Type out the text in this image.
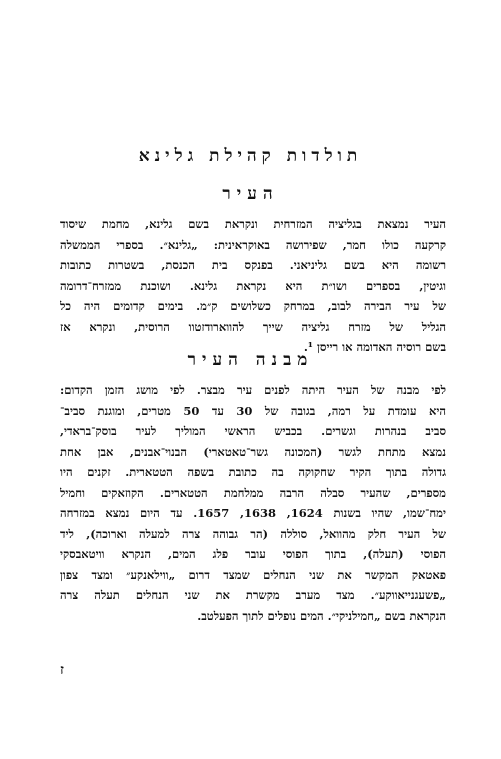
תולדות קהילת גלינא
העיר
העיר נמצאת בגליציה המזרחית ונקראת בשם גלינא, מחמת שיסוד
קרקעה כולו חמר, שפירושה באוקראינית: „גלינא״. בספרי הממשלה
רשומה היא בשם גליניאני. בפנקס בית הכנסת, בשטרות כתובות
וגיטין, בספרים ושו״ת היא נקראת גלינא. ושוכנת ממזרח־דרומה
של עיר הבירה לבוב, במרחק כשלושים ק״מ. בימים קדומים היה כל
הגליל של מזרח גליציה שייך להווארודזטוו הרוסית, ונקרא אז
בשם רוסיה האדומה או רייסן ¹.
מבנה העיר
לפי מבנה של העיר היתה לפנים עיר מבצר. לפי מושג הזמן הקדום:
היא עומדת על רמה, בגובה של 30 עד 50 מטרים, ומוגנת סביב־
סביב בנהרות וגשרים. בכביש הראשי המוליך לעיר בוסק־בראדי,
נמצא מתחת לגשר (המכונה גשר־טאטארי) הבנוי־אבנים, אבן אחת
גדולה בתוך הקיר שחקוקה בה כתובת בשפה הטטארית. זקנים היו
מספרים, שהעיר סבלה הרבה ממלחמת הטטארים. הקוזאקים וחמיל
ימח־שמו, שהיו בשנות 1624, 1638, 1657. עד היום נמצא במזרחה
של העיר חלק מהוואל, סוללה (הר גבוהה צרה למעלה וארוכה), ליד
הפוסי (תעלה), בתוך הפוסי עובר פלג המים, הנקרא וויטאבסקי
פאטאק המקשר את שני הנחלים שמצד דרום „ווילאנקע״ ומצד צפון
„פשעגנייאווקע״. מצד מערב מקשרת את שני הנחלים תעלה צרה
הנקראת בשם „חמילניקי״. המים נופלים לתוך הפעלטב.
ז
